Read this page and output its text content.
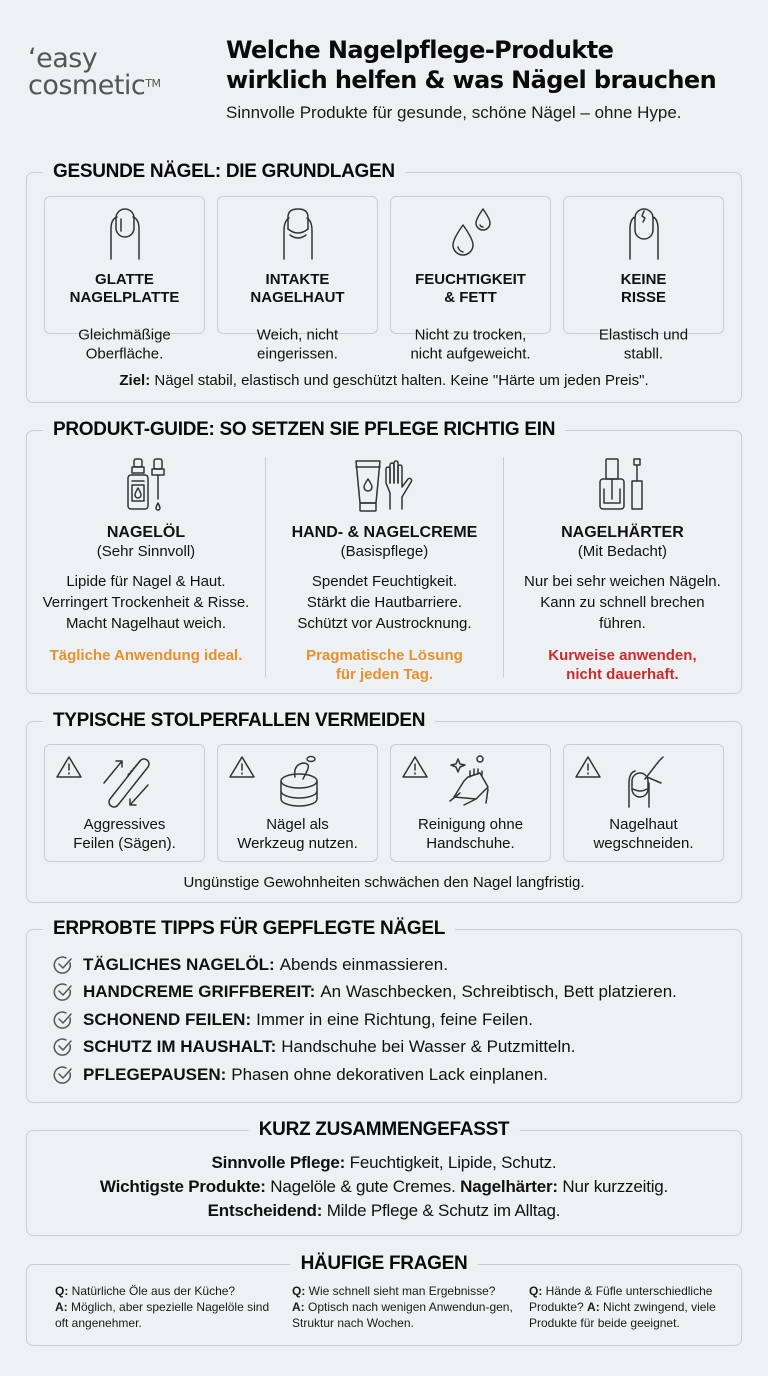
‘easy
cosmetic™
Welche Nagelpflege-Produkte
wirklich helfen & was Nägel brauchen
Sinnvolle Produkte für gesunde, schöne Nägel – ohne Hype.
GESUNDE NÄGEL: DIE GRUNDLAGEN
GLATTE
NAGELPLATTE
Gleichmäßige
Oberfläche.
INTAKTE
NAGELHAUT
Weich, nicht
eingerissen.
FEUCHTIGKEIT
& FETT
Nicht zu trocken,
nicht aufgeweicht.
KEINE
RISSE
Elastisch und
stabll.
Ziel: Nägel stabil, elastisch und geschützt halten. Keine "Härte um jeden Preis".
PRODUKT-GUIDE: SO SETZEN SIE PFLEGE RICHTIG EIN
NAGELÖL
(Sehr Sinnvoll)
Lipide für Nagel & Haut.
Verringert Trockenheit & Risse.
Macht Nagelhaut weich.
Tägliche Anwendung ideal.
HAND- & NAGELCREME
(Basispflege)
Spendet Feuchtigkeit.
Stärkt die Hautbarriere.
Schützt vor Austrocknung.
Pragmatische Lösung
für jeden Tag.
NAGELHÄRTER
(Mit Bedacht)
Nur bei sehr weichen Nägeln.
Kann zu schnell brechen
führen.
Kurweise anwenden,
nicht dauerhaft.
TYPISCHE STOLPERFALLEN VERMEIDEN
Aggressives
Feilen (Sägen).
Nägel als
Werkzeug nutzen.
Reinigung ohne
Handschuhe.
Nagelhaut
wegschneiden.
Ungünstige Gewohnheiten schwächen den Nagel langfristig.
ERPROBTE TIPPS FÜR GEPFLEGTE NÄGEL
TÄGLICHES NAGELÖL: Abends einmassieren.
HANDCREME GRIFFBEREIT: An Waschbecken, Schreibtisch, Bett platzieren.
SCHONEND FEILEN: Immer in eine Richtung, feine Feilen.
SCHUTZ IM HAUSHALT: Handschuhe bei Wasser & Putzmitteln.
PFLEGEPAUSEN: Phasen ohne dekorativen Lack einplanen.
KURZ ZUSAMMENGEFASST
Sinnvolle Pflege: Feuchtigkeit, Lipide, Schutz.
Wichtigste Produkte: Nagelöle & gute Cremes. Nagelhärter: Nur kurzzeitig.
Entscheidend: Milde Pflege & Schutz im Alltag.
HÄUFIGE FRAGEN
Q: Natürliche Öle aus der Küche?
A: Möglich, aber spezielle Nagelöle sind oft angenehmer.
Q: Wie schnell sieht man Ergebnisse?
A: Optisch nach wenigen Anwendun-gen, Struktur nach Wochen.
Q: Hände & Füfle unterschiedliche Produkte? A: Nicht zwingend, viele Produkte für beide geeignet.
